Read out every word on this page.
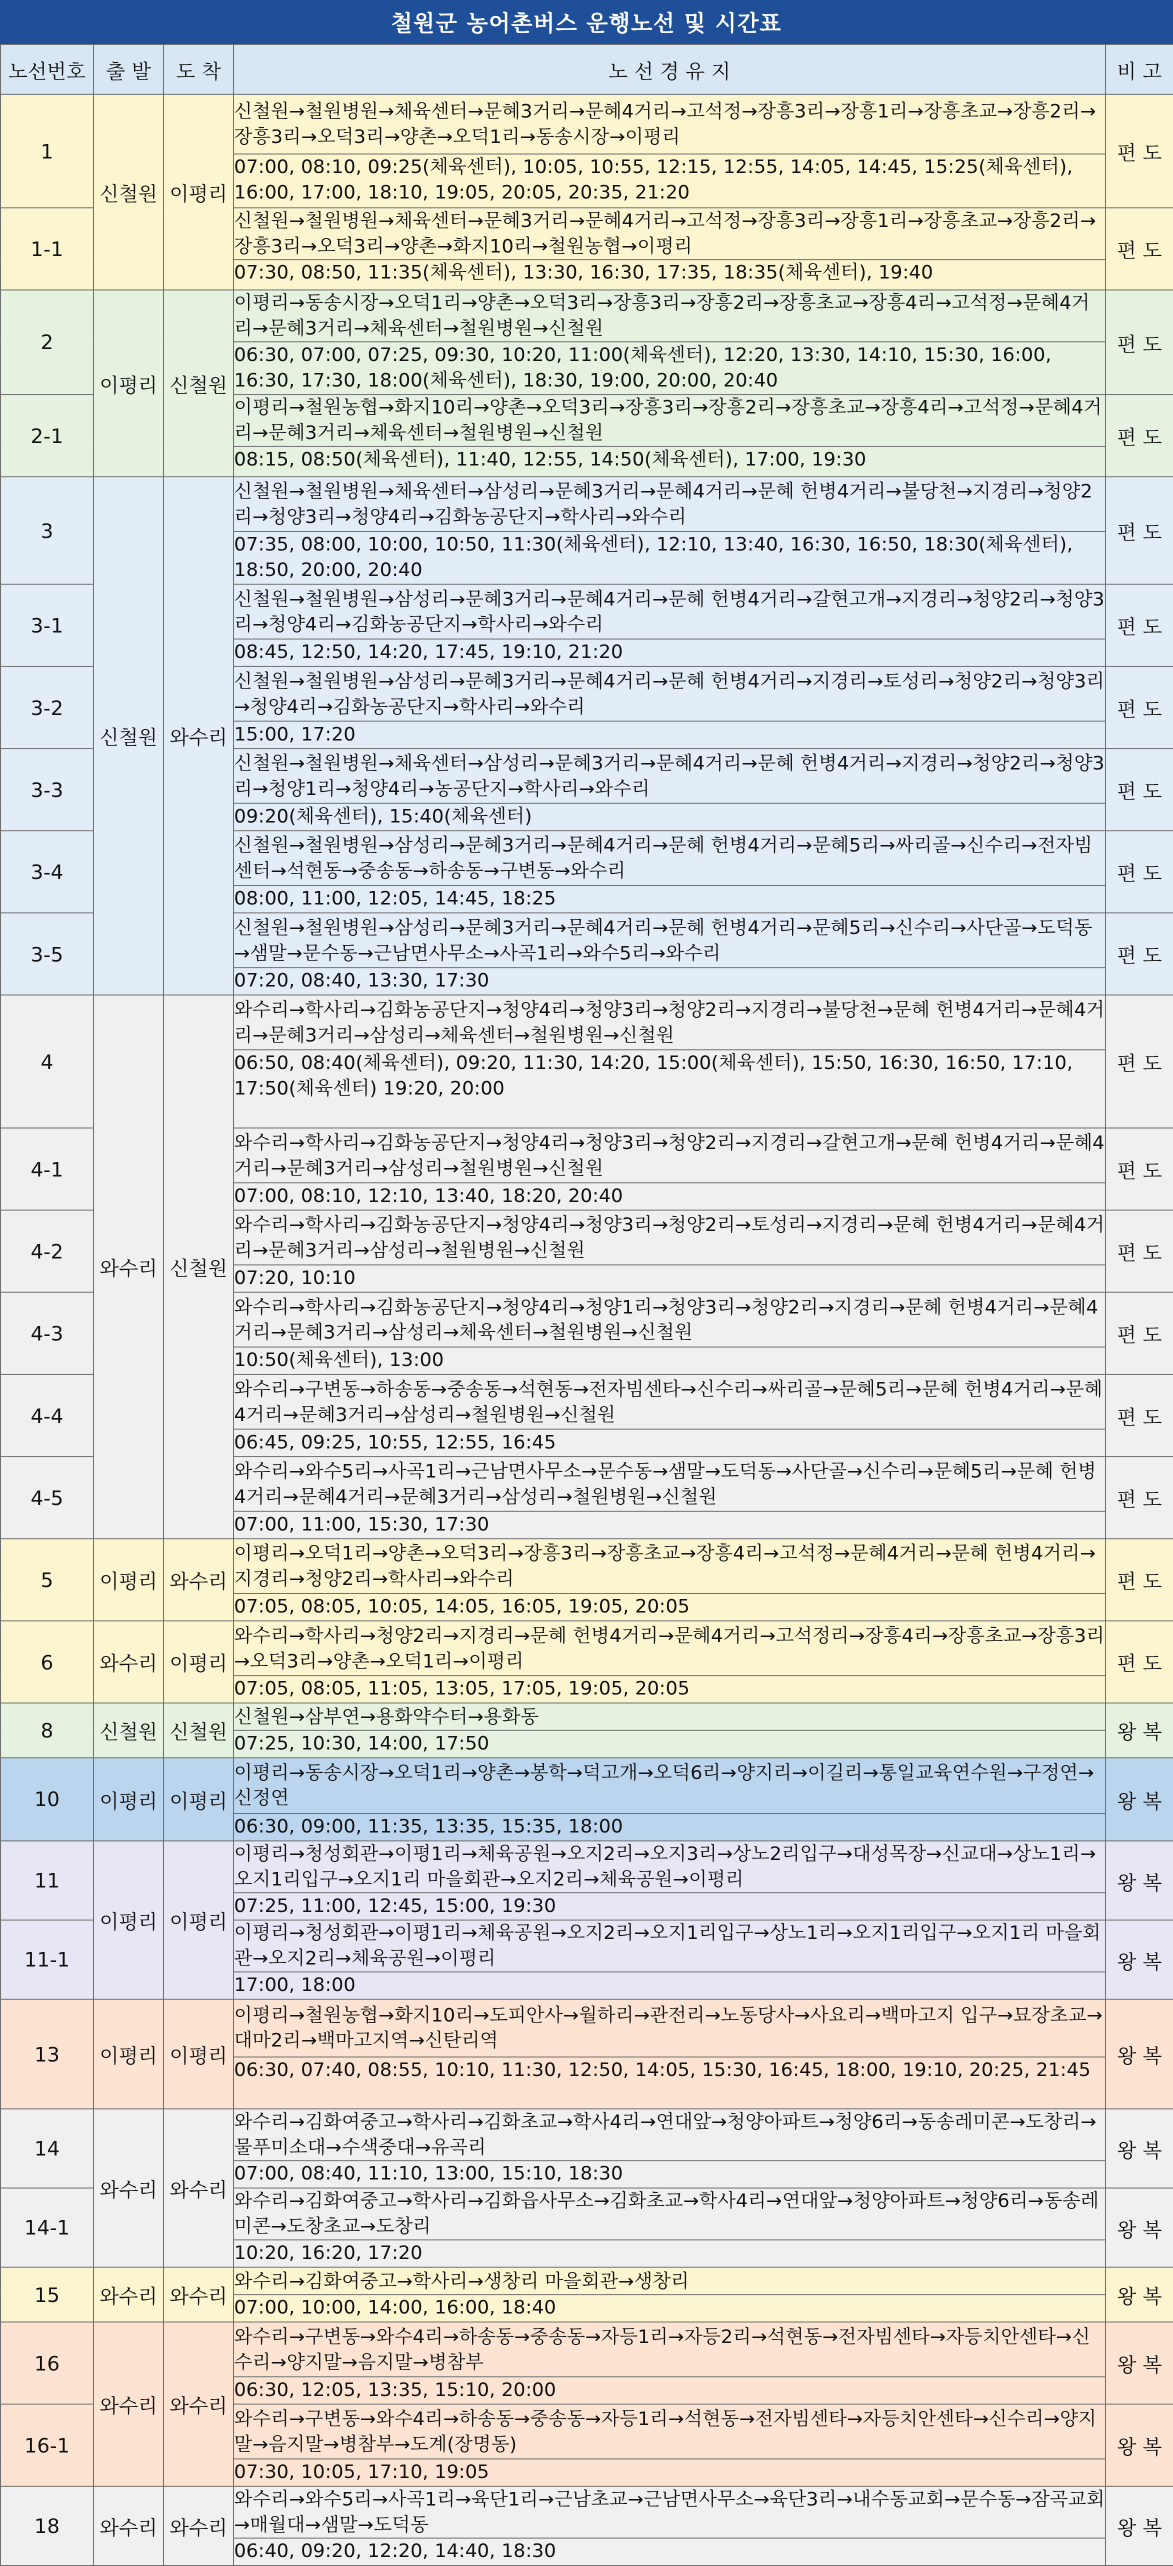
철원군 농어촌버스 운행노선 및 시간표
노선번호	출 발	도 착	노 선 경 유 지	비 고
1	신철원	이평리	신철원→철원병원→체육센터→문혜3거리→문혜4거리→고석정→장흥3리→장흥1리→장흥초교→장흥2리→장흥3리→오덕3리→양촌→오덕1리→동송시장→이평리	편 도
			07:00, 08:10, 09:25(체육센터), 10:05, 10:55, 12:15, 12:55, 14:05, 14:45, 15:25(체육센터), 16:00, 17:00, 18:10, 19:05, 20:05, 20:35, 21:20	
1-1			신철원→철원병원→체육센터→문혜3거리→문혜4거리→고석정→장흥3리→장흥1리→장흥초교→장흥2리→장흥3리→오덕3리→양촌→화지10리→철원농협→이평리	편 도
			07:30, 08:50, 11:35(체육센터), 13:30, 16:30, 17:35, 18:35(체육센터), 19:40	
2	이평리	신철원	이평리→동송시장→오덕1리→양촌→오덕3리→장흥3리→장흥2리→장흥초교→장흥4리→고석정→문혜4거리→문혜3거리→체육센터→철원병원→신철원	편 도
			06:30, 07:00, 07:25, 09:30, 10:20, 11:00(체육센터), 12:20, 13:30, 14:10, 15:30, 16:00, 16:30, 17:30, 18:00(체육센터), 18:30, 19:00, 20:00, 20:40	
2-1			이평리→철원농협→화지10리→양촌→오덕3리→장흥3리→장흥2리→장흥초교→장흥4리→고석정→문혜4거리→문혜3거리→체육센터→철원병원→신철원	편 도
			08:15, 08:50(체육센터), 11:40, 12:55, 14:50(체육센터), 17:00, 19:30	
3	신철원	와수리	신철원→철원병원→체육센터→삼성리→문혜3거리→문혜4거리→문혜 헌병4거리→불당천→지경리→청양2리→청양3리→청양4리→김화농공단지→학사리→와수리	편 도
			07:35, 08:00, 10:00, 10:50, 11:30(체육센터), 12:10, 13:40, 16:30, 16:50, 18:30(체육센터), 18:50, 20:00, 20:40	
3-1			신철원→철원병원→삼성리→문혜3거리→문혜4거리→문혜 헌병4거리→갈현고개→지경리→청양2리→청양3리→청양4리→김화농공단지→학사리→와수리	편 도
			08:45, 12:50, 14:20, 17:45, 19:10, 21:20	
3-2			신철원→철원병원→삼성리→문혜3거리→문혜4거리→문혜 헌병4거리→지경리→토성리→청양2리→청양3리→청양4리→김화농공단지→학사리→와수리	편 도
			15:00, 17:20	
3-3			신철원→철원병원→체육센터→삼성리→문혜3거리→문혜4거리→문혜 헌병4거리→지경리→청양2리→청양3리→청양1리→청양4리→농공단지→학사리→와수리	편 도
			09:20(체육센터), 15:40(체육센터)	
3-4			신철원→철원병원→삼성리→문혜3거리→문혜4거리→문혜 헌병4거리→문혜5리→싸리골→신수리→전자빔센터→석현동→중송동→하송동→구변동→와수리	편 도
			08:00, 11:00, 12:05, 14:45, 18:25	
3-5			신철원→철원병원→삼성리→문혜3거리→문혜4거리→문혜 헌병4거리→문혜5리→신수리→사단골→도덕동→샘말→문수동→근남면사무소→사곡1리→와수5리→와수리	편 도
			07:20, 08:40, 13:30, 17:30	
4	와수리	신철원	와수리→학사리→김화농공단지→청양4리→청양3리→청양2리→지경리→불당천→문혜 헌병4거리→문혜4거리→문혜3거리→삼성리→체육센터→철원병원→신철원	편 도
			06:50, 08:40(체육센터), 09:20, 11:30, 14:20, 15:00(체육센터), 15:50, 16:30, 16:50, 17:10, 17:50(체육센터) 19:20, 20:00	
4-1			와수리→학사리→김화농공단지→청양4리→청양3리→청양2리→지경리→갈현고개→문혜 헌병4거리→문혜4거리→문혜3거리→삼성리→철원병원→신철원	편 도
			07:00, 08:10, 12:10, 13:40, 18:20, 20:40	
4-2			와수리→학사리→김화농공단지→청양4리→청양3리→청양2리→토성리→지경리→문혜 헌병4거리→문혜4거리→문혜3거리→삼성리→철원병원→신철원	편 도
			07:20, 10:10	
4-3			와수리→학사리→김화농공단지→청양4리→청양1리→청양3리→청양2리→지경리→문혜 헌병4거리→문혜4거리→문혜3거리→삼성리→체육센터→철원병원→신철원	편 도
			10:50(체육센터), 13:00	
4-4			와수리→구변동→하송동→중송동→석현동→전자빔센타→신수리→싸리골→문혜5리→문혜 헌병4거리→문혜4거리→문혜3거리→삼성리→철원병원→신철원	편 도
			06:45, 09:25, 10:55, 12:55, 16:45	
4-5			와수리→와수5리→사곡1리→근남면사무소→문수동→샘말→도덕동→사단골→신수리→문혜5리→문혜 헌병4거리→문혜4거리→문혜3거리→삼성리→철원병원→신철원	편 도
			07:00, 11:00, 15:30, 17:30	
5	이평리	와수리	이평리→오덕1리→양촌→오덕3리→장흥3리→장흥초교→장흥4리→고석정→문혜4거리→문혜 헌병4거리→지경리→청양2리→학사리→와수리	편 도
			07:05, 08:05, 10:05, 14:05, 16:05, 19:05, 20:05	
6	와수리	이평리	와수리→학사리→청양2리→지경리→문혜 헌병4거리→문혜4거리→고석정리→장흥4리→장흥초교→장흥3리→오덕3리→양촌→오덕1리→이평리	편 도
			07:05, 08:05, 11:05, 13:05, 17:05, 19:05, 20:05	
8	신철원	신철원	신철원→삼부연→용화약수터→용화동	왕 복
			07:25, 10:30, 14:00, 17:50	
10	이평리	이평리	이평리→동송시장→오덕1리→양촌→봉학→덕고개→오덕6리→양지리→이길리→통일교육연수원→구정연→신정연	왕 복
			06:30, 09:00, 11:35, 13:35, 15:35, 18:00	
11	이평리	이평리	이평리→청성회관→이평1리→체육공원→오지2리→오지3리→상노2리입구→대성목장→신교대→상노1리→오지1리입구→오지1리 마을회관→오지2리→체육공원→이평리	왕 복
			07:25, 11:00, 12:45, 15:00, 19:30	
11-1			이평리→청성회관→이평1리→체육공원→오지2리→오지1리입구→상노1리→오지1리입구→오지1리 마을회관→오지2리→체육공원→이평리	왕 복
			17:00, 18:00	
13	이평리	이평리	이평리→철원농협→화지10리→도피안사→월하리→관전리→노동당사→사요리→백마고지 입구→묘장초교→대마2리→백마고지역→신탄리역	왕 복
			06:30, 07:40, 08:55, 10:10, 11:30, 12:50, 14:05, 15:30, 16:45, 18:00, 19:10, 20:25, 21:45	
14	와수리	와수리	와수리→김화여중고→학사리→김화초교→학사4리→연대앞→청양아파트→청양6리→동송레미콘→도창리→물푸미소대→수색중대→유곡리	왕 복
			07:00, 08:40, 11:10, 13:00, 15:10, 18:30	
14-1			와수리→김화여중고→학사리→김화읍사무소→김화초교→학사4리→연대앞→청양아파트→청양6리→동송레미콘→도창초교→도창리	왕 복
			10:20, 16:20, 17:20	
15	와수리	와수리	와수리→김화여중고→학사리→생창리 마을회관→생창리	왕 복
			07:00, 10:00, 14:00, 16:00, 18:40	
16	와수리	와수리	와수리→구변동→와수4리→하송동→중송동→자등1리→자등2리→석현동→전자빔센타→자등치안센타→신수리→양지말→음지말→병참부	왕 복
			06:30, 12:05, 13:35, 15:10, 20:00	
16-1			와수리→구변동→와수4리→하송동→중송동→자등1리→석현동→전자빔센타→자등치안센타→신수리→양지말→음지말→병참부→도계(장명동)	왕 복
			07:30, 10:05, 17:10, 19:05	
18	와수리	와수리	와수리→와수5리→사곡1리→육단1리→근남초교→근남면사무소→육단3리→내수동교회→문수동→잠곡교회→매월대→샘말→도덕동	왕 복
			06:40, 09:20, 12:20, 14:40, 18:30	
